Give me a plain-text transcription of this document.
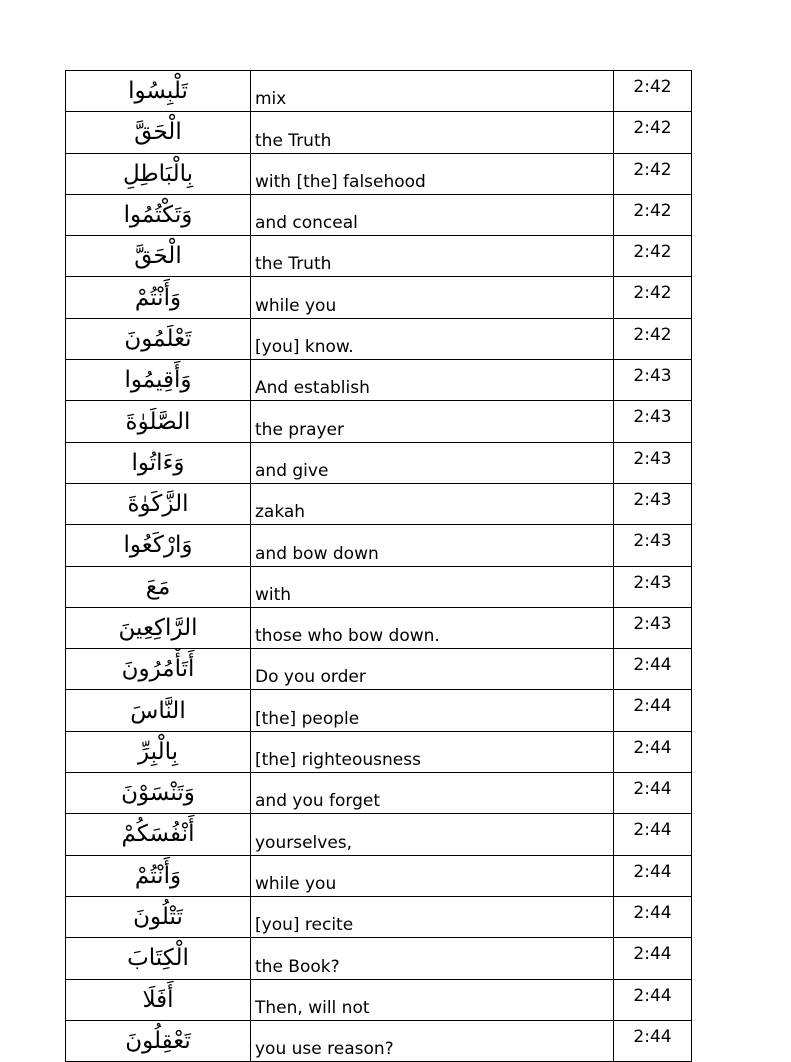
تَلْبِسُوا	mix	2:42
الْحَقَّ	the Truth	2:42
بِالْبَاطِلِ	with [the] falsehood	2:42
وَتَكْتُمُوا	and conceal	2:42
الْحَقَّ	the Truth	2:42
وَأَنْتُمْ	while you	2:42
تَعْلَمُونَ	[you] know.	2:42
وَأَقِيمُوا	And establish	2:43
الصَّلَوٰةَ	the prayer	2:43
وَءَاتُوا	and give	2:43
الزَّكَوٰةَ	zakah	2:43
وَارْكَعُوا	and bow down	2:43
مَعَ	with	2:43
الرَّاكِعِينَ	those who bow down.	2:43
أَتَأْمُرُونَ	Do you order	2:44
النَّاسَ	[the] people	2:44
بِالْبِرِّ	[the] righteousness	2:44
وَتَنْسَوْنَ	and you forget	2:44
أَنْفُسَكُمْ	yourselves,	2:44
وَأَنْتُمْ	while you	2:44
تَتْلُونَ	[you] recite	2:44
الْكِتَابَ	the Book?	2:44
أَفَلَا	Then, will not	2:44
تَعْقِلُونَ	you use reason?	2:44
